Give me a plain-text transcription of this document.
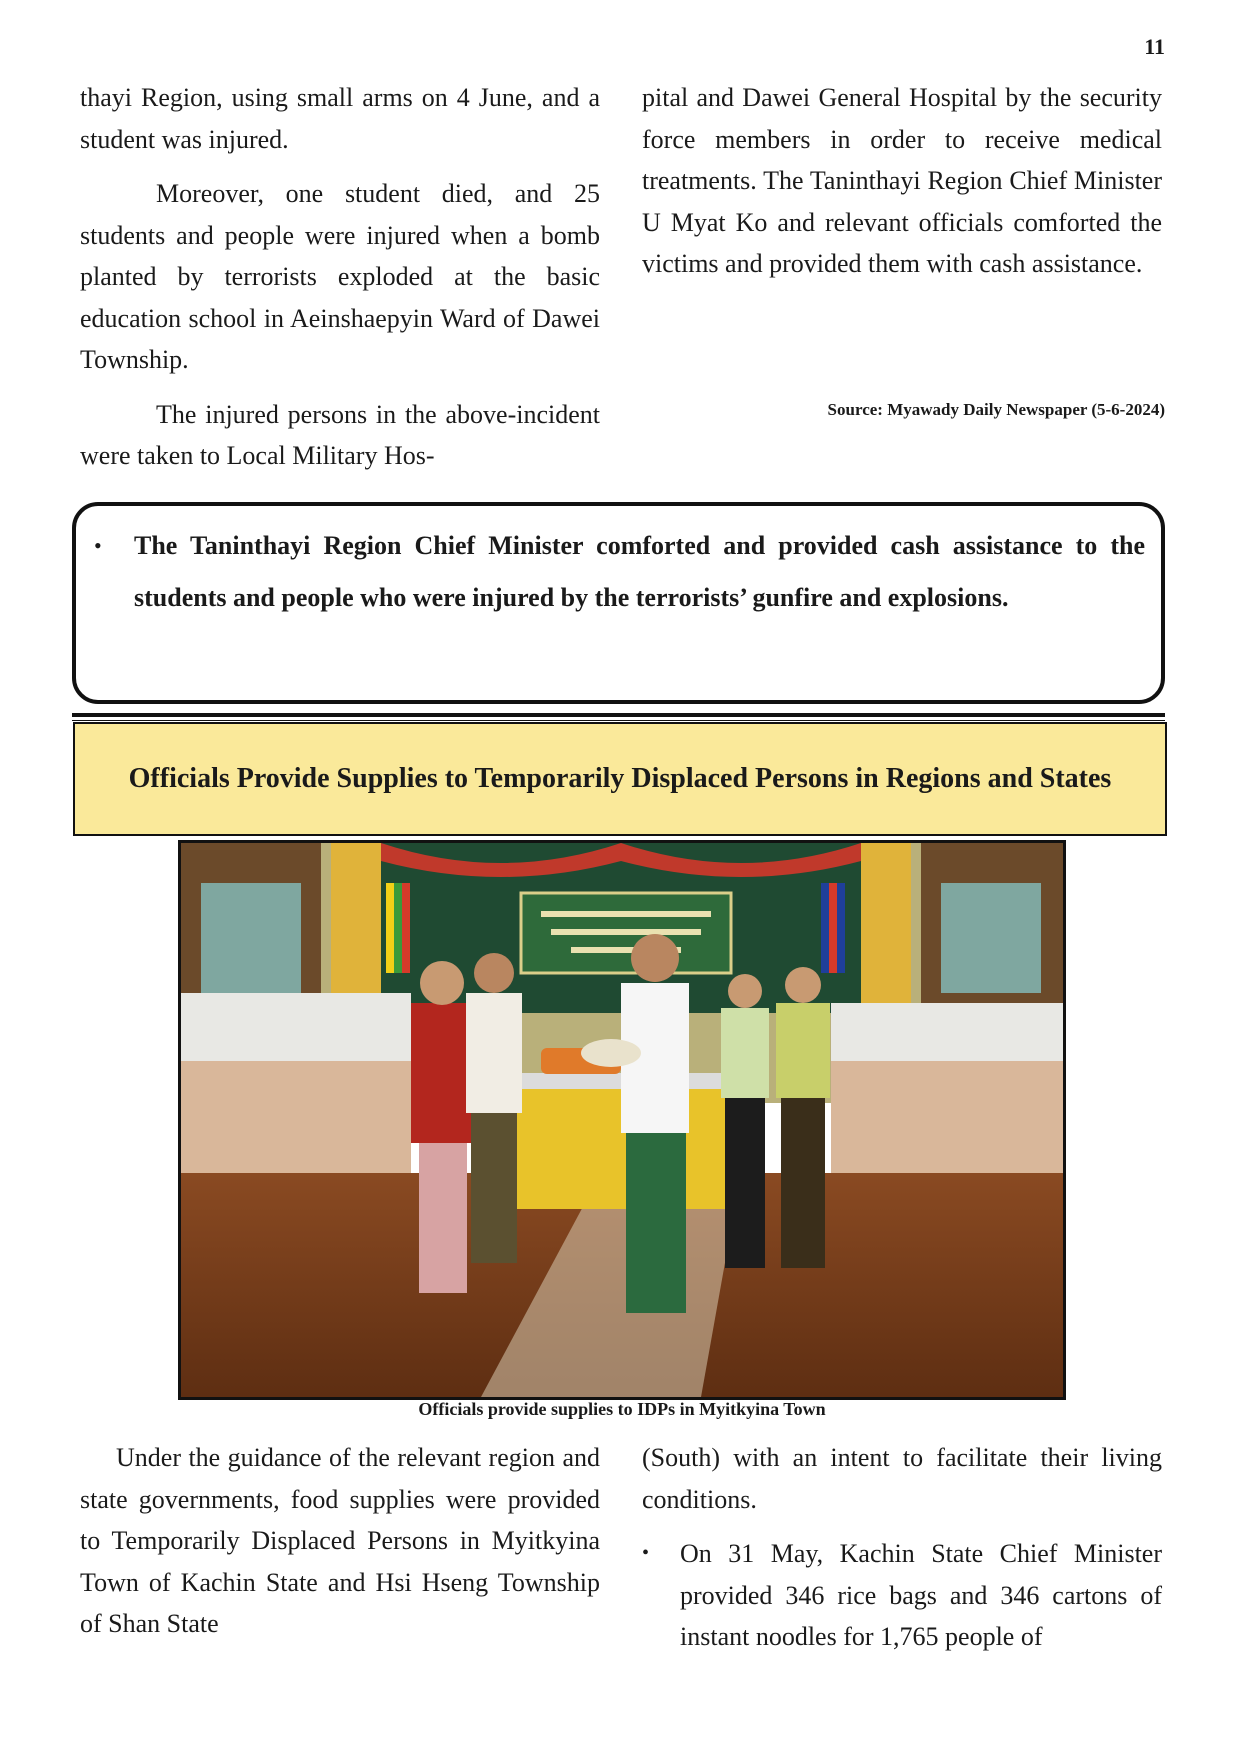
11

thayi Region, using small arms on 4 June, and a student was injured.

Moreover, one student died, and 25 students and people were injured when a bomb planted by terrorists exploded at the basic education school in Aeinshaepyin Ward of Dawei Township.

The injured persons in the above-incident were taken to Local Military Hos-

pital and Dawei General Hospital by the security force members in order to receive medical treatments. The Taninthayi Region Chief Minister U Myat Ko and relevant officials comforted the victims and provided them with cash assistance.

Source: Myawady Daily Newspaper (5-6-2024)
•	The Taninthayi Region Chief Minister comforted and provided cash assistance to the students and people who were injured by the terrorists’ gunfire and explosions.
Officials Provide Supplies to Temporarily Displaced Persons in Regions and States
Officials provide supplies to IDPs in Myitkyina Town

Under the guidance of the relevant region and state governments, food supplies were provided to Temporarily Displaced Persons in Myitkyina Town of Kachin State and Hsi Hseng Township of Shan State

(South) with an intent to facilitate their living conditions.

•	On 31 May, Kachin State Chief Minister provided 346 rice bags and 346 cartons of instant noodles for 1,765 people of
